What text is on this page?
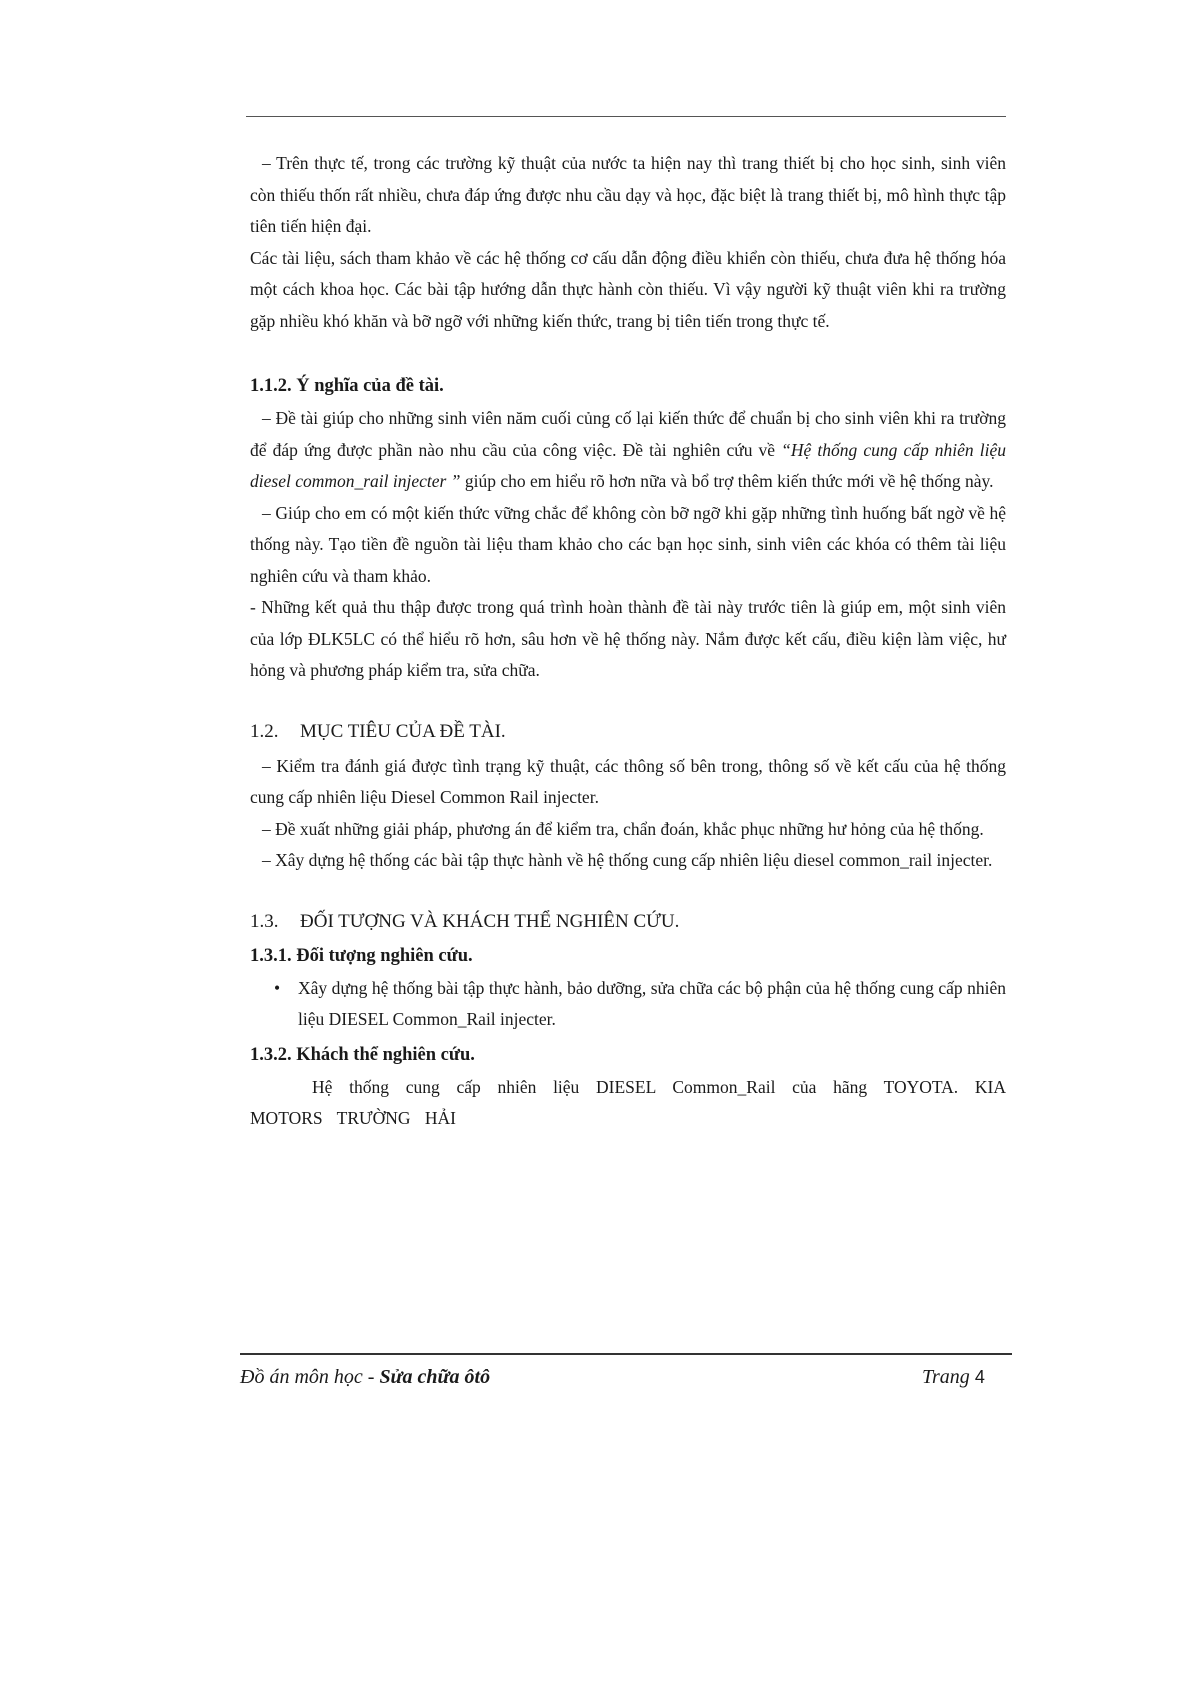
– Trên thực tế, trong các trường kỹ thuật của nước ta hiện nay thì trang thiết bị cho học sinh, sinh viên còn thiếu thốn rất nhiều, chưa đáp ứng được nhu cầu dạy và học, đặc biệt là trang thiết bị, mô hình thực tập tiên tiến hiện đại.

Các tài liệu, sách tham khảo về các hệ thống cơ cấu dẫn động điều khiển còn thiếu, chưa đưa hệ thống hóa một cách khoa học. Các bài tập hướng dẫn thực hành còn thiếu. Vì vậy người kỹ thuật viên khi ra trường gặp nhiều khó khăn và bỡ ngỡ với những kiến thức, trang bị tiên tiến trong thực tế.

1.1.2. Ý nghĩa của đề tài.

– Đề tài giúp cho những sinh viên năm cuối củng cố lại kiến thức để chuẩn bị cho sinh viên khi ra trường để đáp ứng được phần nào nhu cầu của công việc. Đề tài nghiên cứu về “Hệ thống cung cấp nhiên liệu diesel common_rail injecter ” giúp cho em hiểu rõ hơn nữa và bổ trợ thêm kiến thức mới về hệ thống này.

– Giúp cho em có một kiến thức vững chắc để không còn bỡ ngỡ khi gặp những tình huống bất ngờ về hệ thống này. Tạo tiền đề nguồn tài liệu tham khảo cho các bạn học sinh, sinh viên các khóa có thêm tài liệu nghiên cứu và tham khảo.

- Những kết quả thu thập được trong quá trình hoàn thành đề tài này trước tiên là giúp em, một sinh viên của lớp ĐLK5LC có thể hiểu rõ hơn, sâu hơn về hệ thống này. Nắm được kết cấu, điều kiện làm việc, hư hỏng và phương pháp kiểm tra, sửa chữa.

1.2. MỤC TIÊU CỦA ĐỀ TÀI.

– Kiểm tra đánh giá được tình trạng kỹ thuật, các thông số bên trong, thông số về kết cấu của hệ thống cung cấp nhiên liệu Diesel Common Rail injecter.

– Đề xuất những giải pháp, phương án để kiểm tra, chẩn đoán, khắc phục những hư hỏng của hệ thống.

– Xây dựng hệ thống các bài tập thực hành về hệ thống cung cấp nhiên liệu diesel common_rail injecter.

1.3. ĐỐI TƯỢNG VÀ KHÁCH THỂ NGHIÊN CỨU.
1.3.1. Đối tượng nghiên cứu.
• Xây dựng hệ thống bài tập thực hành, bảo dưỡng, sửa chữa các bộ phận của hệ thống cung cấp nhiên liệu DIESEL Common_Rail injecter.
1.3.2. Khách thể nghiên cứu.

Hệ thống cung cấp nhiên liệu DIESEL Common_Rail của hãng TOYOTA. KIA MOTORS TRƯỜNG HẢI

Đồ án môn học - Sửa chữa ôtô	Trang 4
